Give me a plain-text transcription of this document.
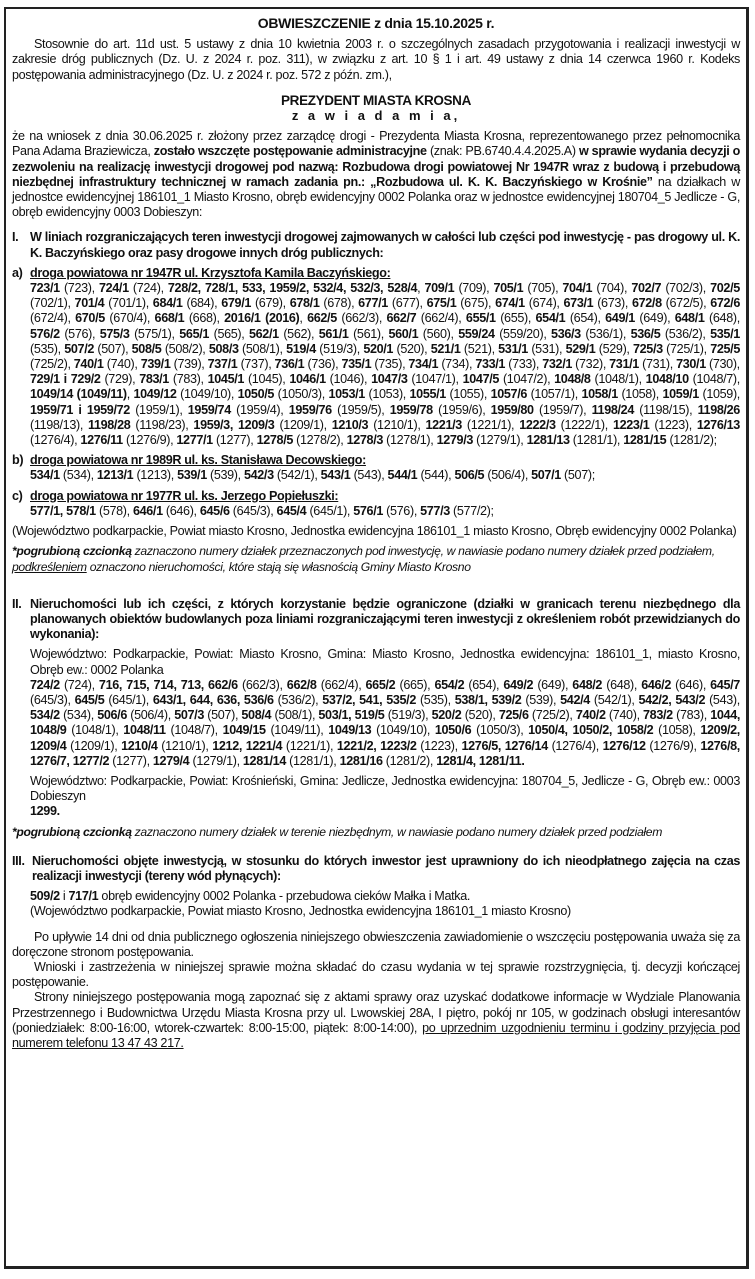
OBWIESZCZENIE z dnia 15.10.2025 r.

Stosownie do art. 11d ust. 5 ustawy z dnia 10 kwietnia 2003 r. o szczególnych zasadach przygotowania i realizacji inwestycji w zakresie dróg publicznych (Dz. U. z 2024 r. poz. 311), w związku z art. 10 § 1 i art. 49 ustawy z dnia 14 czerwca 1960 r. Kodeks postępowania administracyjnego (Dz. U. z 2024 r. poz. 572 z późn. zm.),

PREZYDENT MIASTA KROSNA
z a w i a d a m i a,

że na wniosek z dnia 30.06.2025 r. złożony przez zarządcę drogi - Prezydenta Miasta Krosna, reprezentowanego przez pełnomocnika Pana Adama Braziewicza, zostało wszczęte postępowanie administracyjne (znak: PB.6740.4.4.2025.A) w sprawie wydania decyzji o zezwoleniu na realizację inwestycji drogowej pod nazwą: Rozbudowa drogi powiatowej Nr 1947R wraz z budową i przebudową niezbędnej infrastruktury technicznej w ramach zadania pn.: „Rozbudowa ul. K. K. Baczyńskiego w Krośnie” na działkach w jednostce ewidencyjnej 186101_1 Miasto Krosno, obręb ewidencyjny 0002 Polanka oraz w jednostce ewidencyjnej 180704_5 Jedlicze - G, obręb ewidencyjny 0003 Dobieszyn:

I. W liniach rozgraniczających teren inwestycji drogowej zajmowanych w całości lub części pod inwestycję - pas drogowy ul. K. K. Baczyńskiego oraz pasy drogowe innych dróg publicznych:
a) droga powiatowa nr 1947R ul. Krzysztofa Kamila Baczyńskiego:
723/1 (723), 724/1 (724), 728/2, 728/1, 533, 1959/2, 532/4, 532/3, 528/4, 709/1 (709), 705/1 (705), 704/1 (704), 702/7 (702/3), 702/5 (702/1), 701/4 (701/1), 684/1 (684), 679/1 (679), 678/1 (678), 677/1 (677), 675/1 (675), 674/1 (674), 673/1 (673), 672/8 (672/5), 672/6 (672/4), 670/5 (670/4), 668/1 (668), 2016/1 (2016), 662/5 (662/3), 662/7 (662/4), 655/1 (655), 654/1 (654), 649/1 (649), 648/1 (648), 576/2 (576), 575/3 (575/1), 565/1 (565), 562/1 (562), 561/1 (561), 560/1 (560), 559/24 (559/20), 536/3 (536/1), 536/5 (536/2), 535/1 (535), 507/2 (507), 508/5 (508/2), 508/3 (508/1), 519/4 (519/3), 520/1 (520), 521/1 (521), 531/1 (531), 529/1 (529), 725/3 (725/1), 725/5 (725/2), 740/1 (740), 739/1 (739), 737/1 (737), 736/1 (736), 735/1 (735), 734/1 (734), 733/1 (733), 732/1 (732), 731/1 (731), 730/1 (730), 729/1 i 729/2 (729), 783/1 (783), 1045/1 (1045), 1046/1 (1046), 1047/3 (1047/1), 1047/5 (1047/2), 1048/8 (1048/1), 1048/10 (1048/7), 1049/14 (1049/11), 1049/12 (1049/10), 1050/5 (1050/3), 1053/1 (1053), 1055/1 (1055), 1057/6 (1057/1), 1058/1 (1058), 1059/1 (1059), 1959/71 i 1959/72 (1959/1), 1959/74 (1959/4), 1959/76 (1959/5), 1959/78 (1959/6), 1959/80 (1959/7), 1198/24 (1198/15), 1198/26 (1198/13), 1198/28 (1198/23), 1959/3, 1209/3 (1209/1), 1210/3 (1210/1), 1221/3 (1221/1), 1222/3 (1222/1), 1223/1 (1223), 1276/13 (1276/4), 1276/11 (1276/9), 1277/1 (1277), 1278/5 (1278/2), 1278/3 (1278/1), 1279/3 (1279/1), 1281/13 (1281/1), 1281/15 (1281/2);
b) droga powiatowa nr 1989R ul. ks. Stanisława Decowskiego:
534/1 (534), 1213/1 (1213), 539/1 (539), 542/3 (542/1), 543/1 (543), 544/1 (544), 506/5 (506/4), 507/1 (507);
c) droga powiatowa nr 1977R ul. ks. Jerzego Popiełuszki:
577/1, 578/1 (578), 646/1 (646), 645/6 (645/3), 645/4 (645/1), 576/1 (576), 577/3 (577/2);

(Województwo podkarpackie, Powiat miasto Krosno, Jednostka ewidencyjna 186101_1 miasto Krosno, Obręb ewidencyjny 0002 Polanka)

*pogrubioną czcionką zaznaczono numery działek przeznaczonych pod inwestycję, w nawiasie podano numery działek przed podziałem,

podkreśleniem oznaczono nieruchomości, które stają się własnością Gminy Miasto Krosno

II. Nieruchomości lub ich części, z których korzystanie będzie ograniczone (działki w granicach terenu niezbędnego dla planowanych obiektów budowlanych poza liniami rozgraniczającymi teren inwestycji z określeniem robót przewidzianych do wykonania):

Województwo: Podkarpackie, Powiat: Miasto Krosno, Gmina: Miasto Krosno, Jednostka ewidencyjna: 186101_1, miasto Krosno, Obręb ew.: 0002 Polanka

724/2 (724), 716, 715, 714, 713, 662/6 (662/3), 662/8 (662/4), 665/2 (665), 654/2 (654), 649/2 (649), 648/2 (648), 646/2 (646), 645/7 (645/3), 645/5 (645/1), 643/1, 644, 636, 536/6 (536/2), 537/2, 541, 535/2 (535), 538/1, 539/2 (539), 542/4 (542/1), 542/2, 543/2 (543), 534/2 (534), 506/6 (506/4), 507/3 (507), 508/4 (508/1), 503/1, 519/5 (519/3), 520/2 (520), 725/6 (725/2), 740/2 (740), 783/2 (783), 1044, 1048/9 (1048/1), 1048/11 (1048/7), 1049/15 (1049/11), 1049/13 (1049/10), 1050/6 (1050/3), 1050/4, 1050/2, 1058/2 (1058), 1209/2, 1209/4 (1209/1), 1210/4 (1210/1), 1212, 1221/4 (1221/1), 1221/2, 1223/2 (1223), 1276/5, 1276/14 (1276/4), 1276/12 (1276/9), 1276/8, 1276/7, 1277/2 (1277), 1279/4 (1279/1), 1281/14 (1281/1), 1281/16 (1281/2), 1281/4, 1281/11.

Województwo: Podkarpackie, Powiat: Krośnieński, Gmina: Jedlicze, Jednostka ewidencyjna: 180704_5, Jedlicze - G, Obręb ew.: 0003 Dobieszyn

1299.

*pogrubioną czcionką zaznaczono numery działek w terenie niezbędnym, w nawiasie podano numery działek przed podziałem

III. Nieruchomości objęte inwestycją, w stosunku do których inwestor jest uprawniony do ich nieodpłatnego zajęcia na czas realizacji inwestycji (tereny wód płynących):

509/2 i 717/1 obręb ewidencyjny 0002 Polanka - przebudowa cieków Małka i Matka.

(Województwo podkarpackie, Powiat miasto Krosno, Jednostka ewidencyjna 186101_1 miasto Krosno)

Po upływie 14 dni od dnia publicznego ogłoszenia niniejszego obwieszczenia zawiadomienie o wszczęciu postępowania uważa się za doręczone stronom postępowania.

Wnioski i zastrzeżenia w niniejszej sprawie można składać do czasu wydania w tej sprawie rozstrzygnięcia, tj. decyzji kończącej postępowanie.

Strony niniejszego postępowania mogą zapoznać się z aktami sprawy oraz uzyskać dodatkowe informacje w Wydziale Planowania Przestrzennego i Budownictwa Urzędu Miasta Krosna przy ul. Lwowskiej 28A, I piętro, pokój nr 105, w godzinach obsługi interesantów (poniedziałek: 8:00-16:00, wtorek-czwartek: 8:00-15:00, piątek: 8:00-14:00), po uprzednim uzgodnieniu terminu i godziny przyjęcia pod numerem telefonu 13 47 43 217.
